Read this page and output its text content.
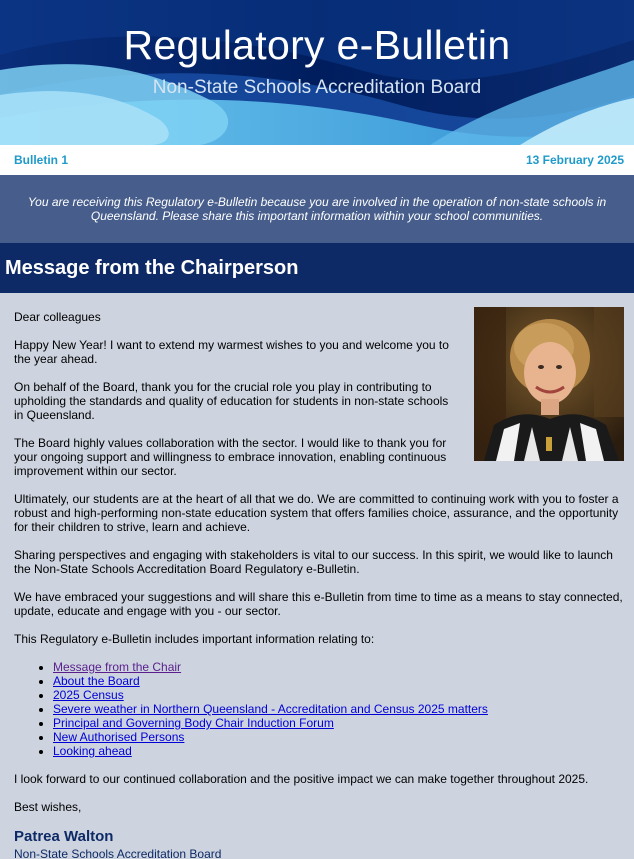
Regulatory e-Bulletin
Non-State Schools Accreditation Board
Bulletin 1	13 February 2025
You are receiving this Regulatory e-Bulletin because you are involved in the operation of non-state schools in Queensland. Please share this important information within your school communities.
Message from the Chairperson

Dear colleagues

Happy New Year! I want to extend my warmest wishes to you and welcome you to the year ahead.

On behalf of the Board, thank you for the crucial role you play in contributing to upholding the standards and quality of education for students in non-state schools in Queensland.

The Board highly values collaboration with the sector. I would like to thank you for your ongoing support and willingness to embrace innovation, enabling continuous improvement within our sector.

Ultimately, our students are at the heart of all that we do. We are committed to continuing work with you to foster a robust and high-performing non-state education system that offers families choice, assurance, and the opportunity for their children to strive, learn and achieve.

Sharing perspectives and engaging with stakeholders is vital to our success. In this spirit, we would like to launch the Non-State Schools Accreditation Board Regulatory e-Bulletin.

We have embraced your suggestions and will share this e-Bulletin from time to time as a means to stay connected, update, educate and engage with you - our sector.

This Regulatory e-Bulletin includes important information relating to:

• Message from the Chair
• About the Board
• 2025 Census
• Severe weather in Northern Queensland - Accreditation and Census 2025 matters
• Principal and Governing Body Chair Induction Forum
• New Authorised Persons
• Looking ahead

I look forward to our continued collaboration and the positive impact we can make together throughout 2025.

Best wishes,

Patrea Walton
Non-State Schools Accreditation Board
